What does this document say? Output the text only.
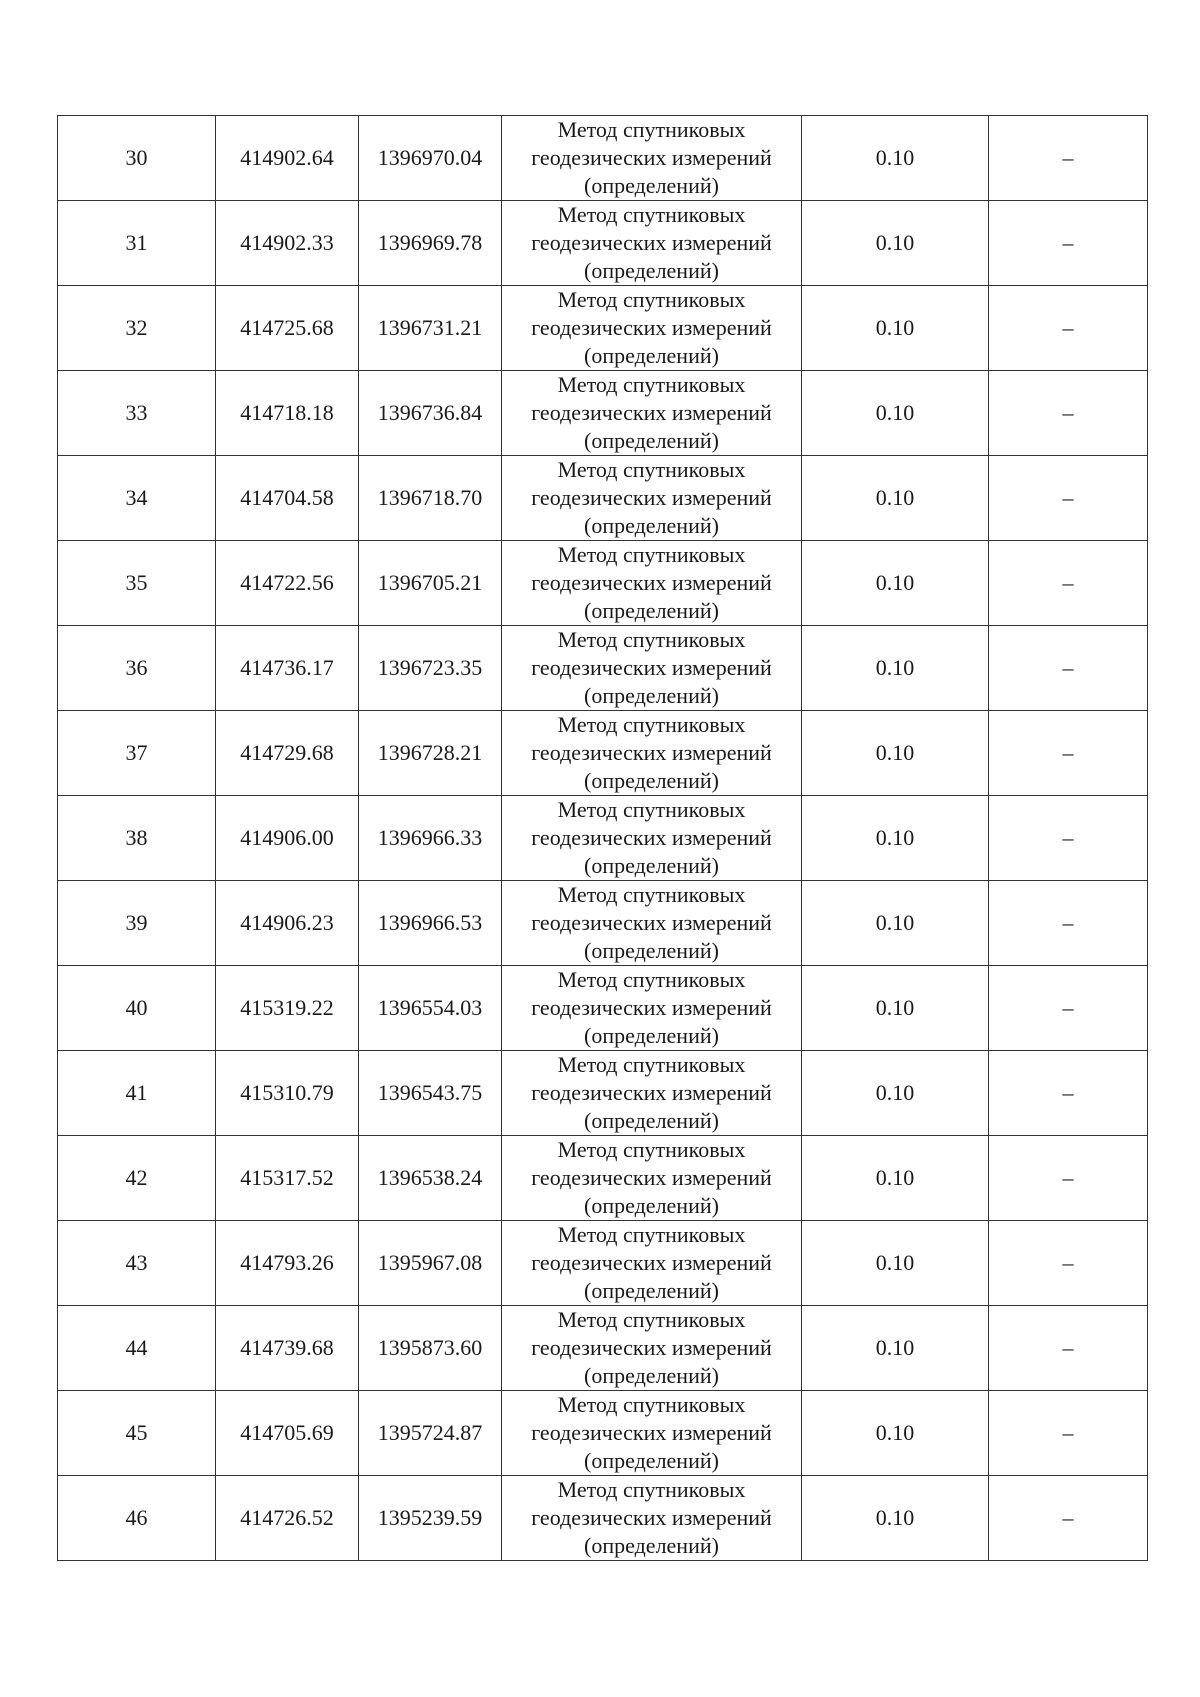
30	414902.64	1396970.04	Метод спутниковых
геодезических измерений
(определений)	0.10	–
31	414902.33	1396969.78	Метод спутниковых
геодезических измерений
(определений)	0.10	–
32	414725.68	1396731.21	Метод спутниковых
геодезических измерений
(определений)	0.10	–
33	414718.18	1396736.84	Метод спутниковых
геодезических измерений
(определений)	0.10	–
34	414704.58	1396718.70	Метод спутниковых
геодезических измерений
(определений)	0.10	–
35	414722.56	1396705.21	Метод спутниковых
геодезических измерений
(определений)	0.10	–
36	414736.17	1396723.35	Метод спутниковых
геодезических измерений
(определений)	0.10	–
37	414729.68	1396728.21	Метод спутниковых
геодезических измерений
(определений)	0.10	–
38	414906.00	1396966.33	Метод спутниковых
геодезических измерений
(определений)	0.10	–
39	414906.23	1396966.53	Метод спутниковых
геодезических измерений
(определений)	0.10	–
40	415319.22	1396554.03	Метод спутниковых
геодезических измерений
(определений)	0.10	–
41	415310.79	1396543.75	Метод спутниковых
геодезических измерений
(определений)	0.10	–
42	415317.52	1396538.24	Метод спутниковых
геодезических измерений
(определений)	0.10	–
43	414793.26	1395967.08	Метод спутниковых
геодезических измерений
(определений)	0.10	–
44	414739.68	1395873.60	Метод спутниковых
геодезических измерений
(определений)	0.10	–
45	414705.69	1395724.87	Метод спутниковых
геодезических измерений
(определений)	0.10	–
46	414726.52	1395239.59	Метод спутниковых
геодезических измерений
(определений)	0.10	–
